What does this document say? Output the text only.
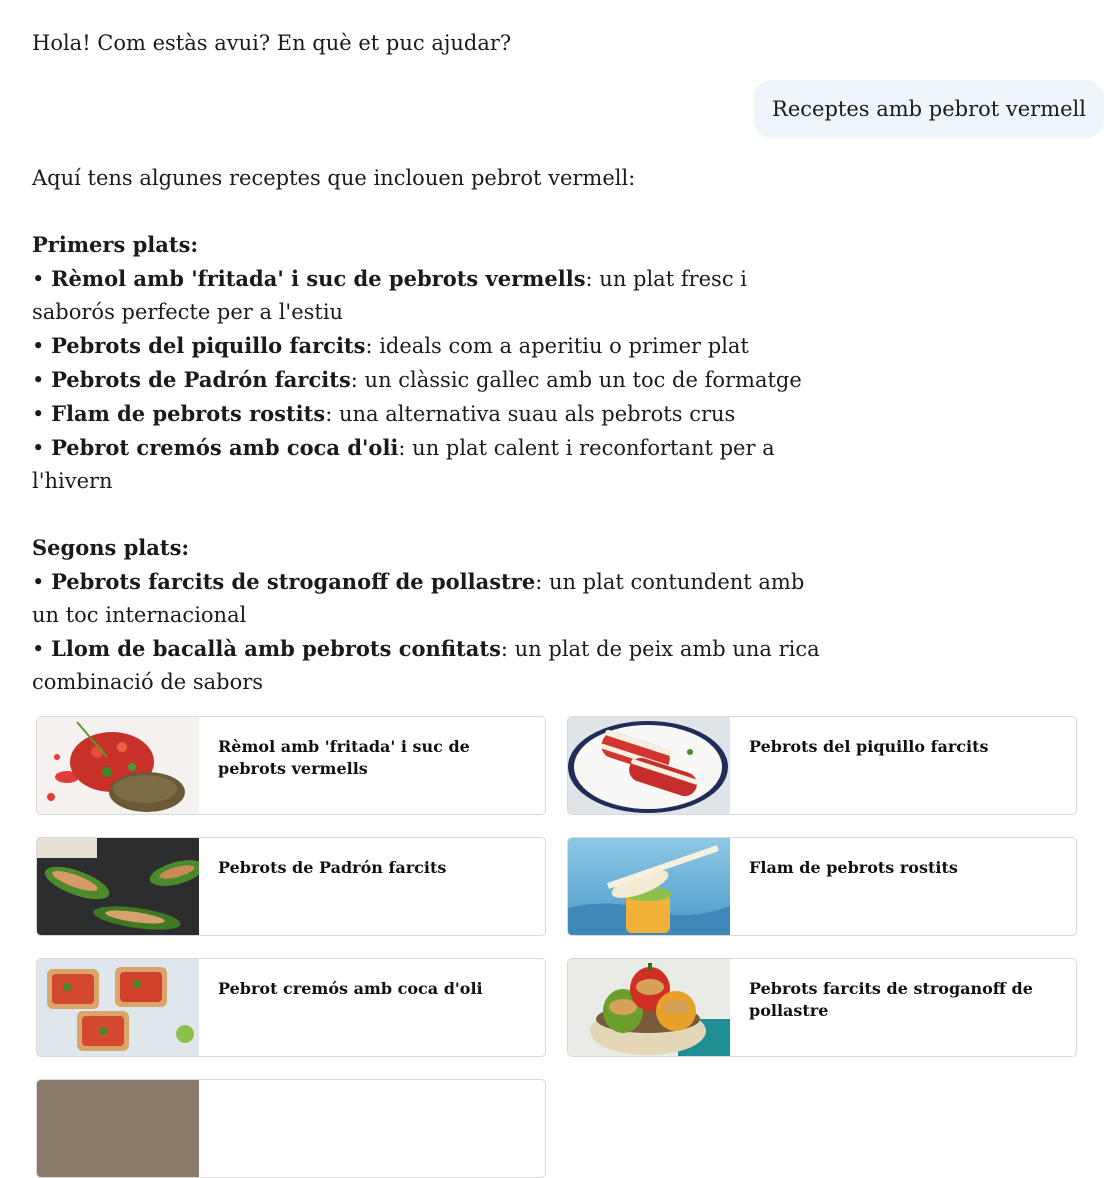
Hola! Com estàs avui? En què et puc ajudar?
Receptes amb pebrot vermell

Aquí tens algunes receptes que inclouen pebrot vermell:

Primers plats:

• Rèmol amb 'fritada' i suc de pebrots vermells: un plat fresc i saborós perfecte per a l'estiu

• Pebrots del piquillo farcits: ideals com a aperitiu o primer plat

• Pebrots de Padrón farcits: un clàssic gallec amb un toc de formatge

• Flam de pebrots rostits: una alternativa suau als pebrots crus

• Pebrot cremós amb coca d'oli: un plat calent i reconfortant per a l'hivern

Segons plats:

• Pebrots farcits de stroganoff de pollastre: un plat contundent amb un toc internacional

• Llom de bacallà amb pebrots confitats: un plat de peix amb una rica combinació de sabors

Rèmol amb 'fritada' i suc de pebrots vermells
Pebrots del piquillo farcits
Pebrots de Padrón farcits	Flam de pebrots rostits
Pebrot cremós amb coca d'oli	Pebrots farcits de stroganoff de pollastre
